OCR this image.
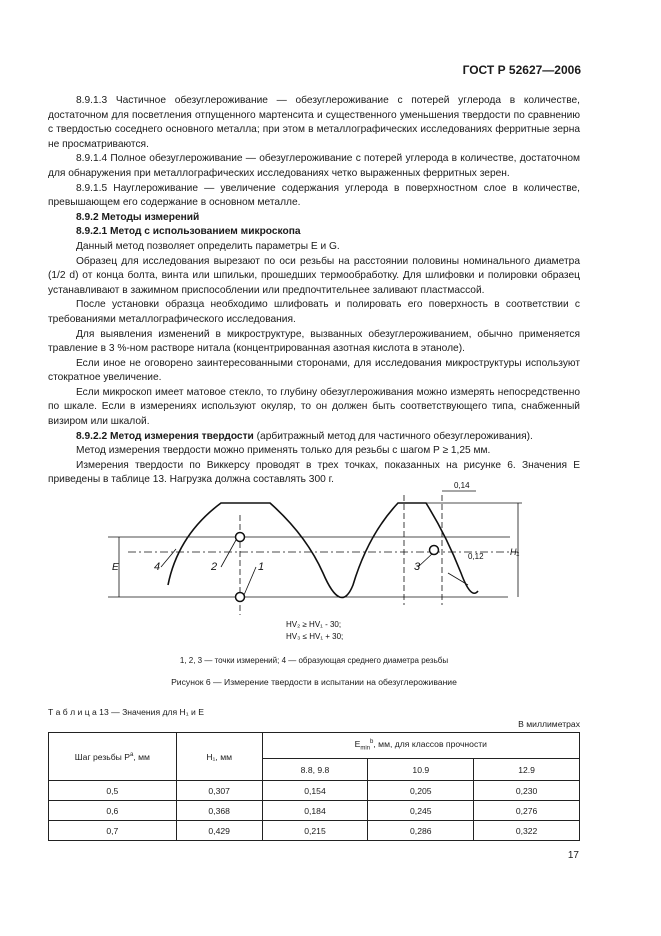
ГОСТ Р 52627—2006

8.9.1.3 Частичное обезуглероживание — обезуглероживание с потерей углерода в количестве, достаточном для посветления отпущенного мартенсита и существенного уменьшения твердости по сравнению с твердостью соседнего основного металла; при этом в металлографических исследованиях ферритные зерна не просматриваются.

8.9.1.4 Полное обезуглероживание — обезуглероживание с потерей углерода в количестве, достаточном для обнаружения при металлографических исследованиях четко выраженных ферритных зерен.

8.9.1.5 Науглероживание — увеличение содержания углерода в поверхностном слое в количестве, превышающем его содержание в основном металле.

8.9.2 Методы измерений

8.9.2.1 Метод с использованием микроскопа

Данный метод позволяет определить параметры E и G.

Образец для исследования вырезают по оси резьбы на расстоянии половины номинального диаметра (1/2 d) от конца болта, винта или шпильки, прошедших термообработку. Для шлифовки и полировки образец устанавливают в зажимном приспособлении или предпочтительнее заливают пластмассой.

После установки образца необходимо шлифовать и полировать его поверхность в соответствии с требованиями металлографического исследования.

Для выявления изменений в микроструктуре, вызванных обезуглероживанием, обычно применяется травление в 3 %-ном растворе нитала (концентрированная азотная кислота в этаноле).

Если иное не оговорено заинтересованными сторонами, для исследования микроструктуры используют стократное увеличение.

Если микроскоп имеет матовое стекло, то глубину обезуглероживания можно измерять непосредственно по шкале. Если в измерениях используют окуляр, то он должен быть соответствующего типа, снабженный визиром или шкалой.

8.9.2.2 Метод измерения твердости (арбитражный метод для частичного обезуглероживания).

Метод измерения твердости можно применять только для резьбы с шагом P ≥ 1,25 мм.

Измерения твердости по Виккерсу проводят в трех точках, показанных на рисунке 6. Значения E приведены в таблице 13. Нагрузка должна составлять 300 г.

4	2	1	3
E
H₁
0,14
0,12
HV₂ ≥ HV₁ - 30;
HV₃ ≤ HV₁ + 30;
1, 2, 3 — точки измерений; 4 — образующая среднего диаметра резьбы
Рисунок 6 — Измерение твердости в испытании на обезуглероживание
Т а б л и ц а 13 — Значения для H₁ и E
В миллиметрах
Шаг резьбы $P^a$, мм	H₁, мм	$E_{min}^b$, мм, для классов прочности		
		8.8, 9.8	10.9	12.9
0,5	0,307	0,154	0,205	0,230
0,6	0,368	0,184	0,245	0,276
0,7	0,429	0,215	0,286	0,322
17
